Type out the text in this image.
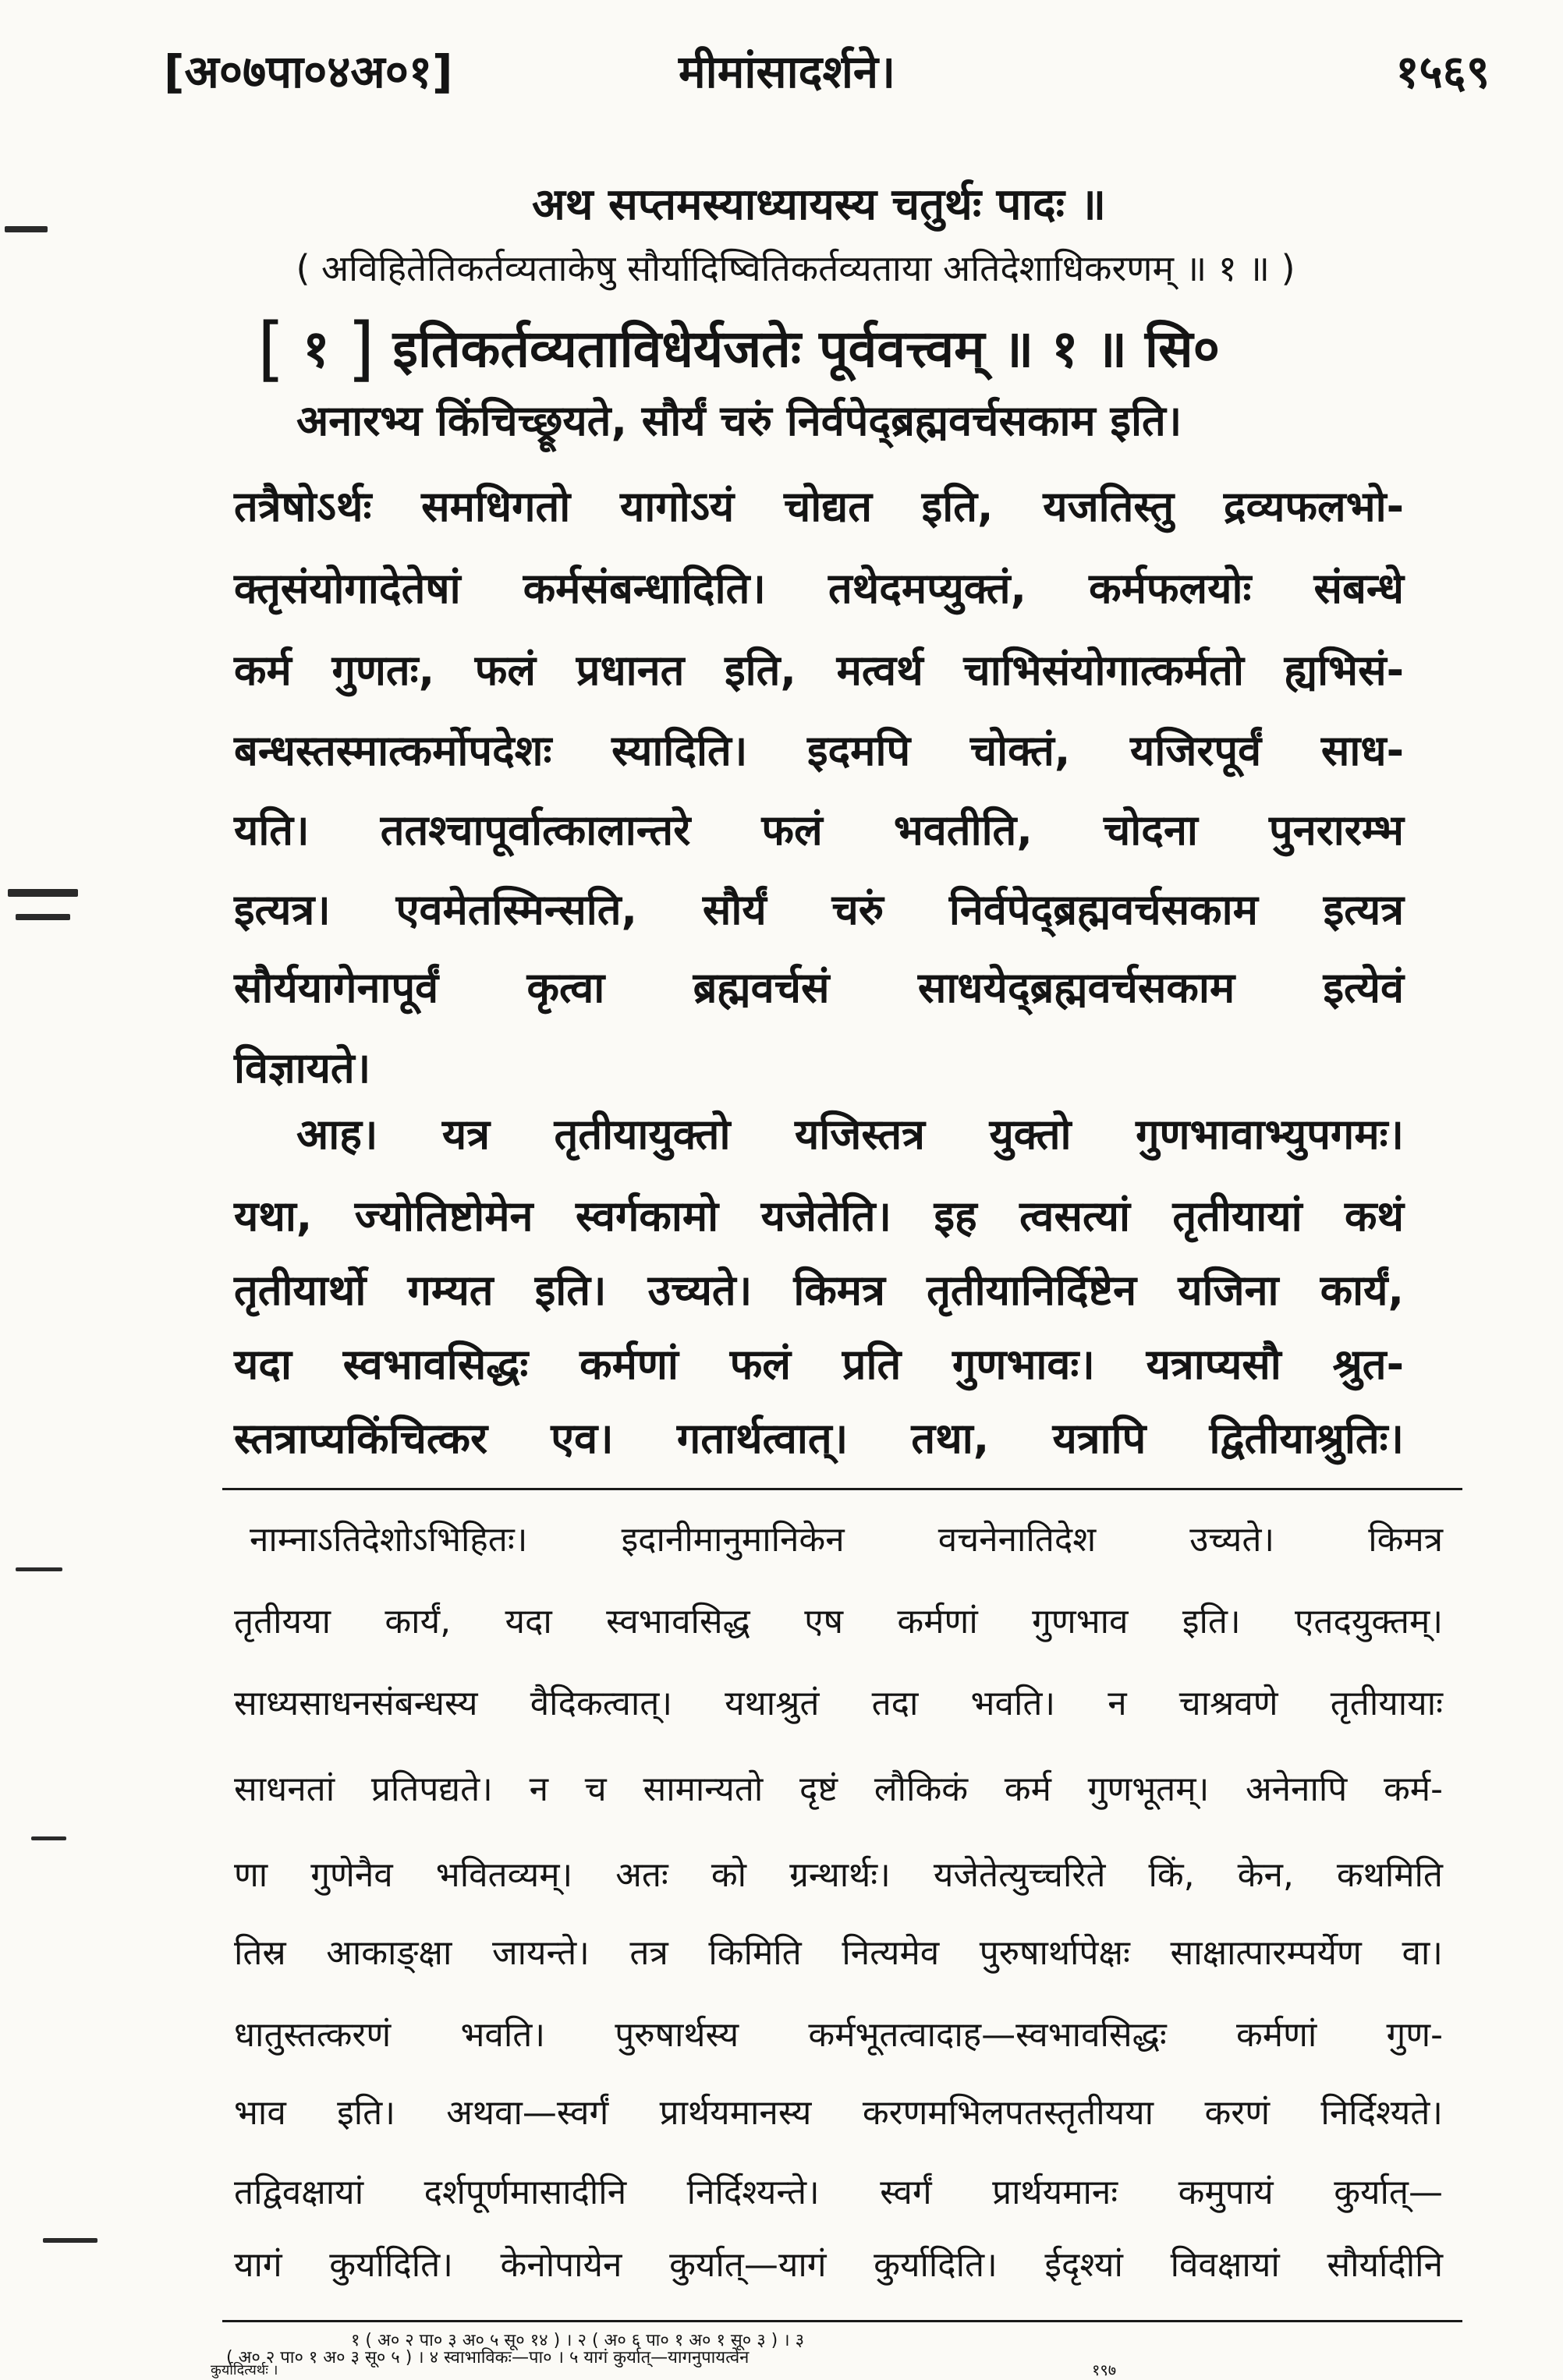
[अ०७पा०४अ०१]	मीमांसादर्शने।	१५६९
अथ सप्तमस्याध्यायस्य चतुर्थः पादः ॥
( अविहितेतिकर्तव्यताकेषु सौर्यादिष्वितिकर्तव्यताया अतिदेशाधिकरणम् ॥ १ ॥ )
[ १ ] इतिकर्तव्यताविधेर्यजतेः पूर्ववत्त्वम् ॥ १ ॥ सि०
अनारभ्य किंचिच्छ्रूयते, सौर्यं चरुं निर्वपेद्ब्रह्मवर्चसकाम इति।
तत्रैषोऽर्थः समधिगतो यागोऽयं चोद्यत इति, यजतिस्तु द्रव्यफलभो-
क्तृसंयोगादेतेषां कर्मसंबन्धादिति। तथेदमप्युक्तं, कर्मफलयोः संबन्धे
कर्म गुणतः, फलं प्रधानत इति, मत्वर्थ चाभिसंयोगात्कर्मतो ह्यभिसं-
बन्धस्तस्मात्कर्मोपदेशः स्यादिति। इदमपि चोक्तं, यजिरपूर्वं साध-
यति। ततश्चापूर्वात्कालान्तरे फलं भवतीति, चोदना पुनरारम्भ
इत्यत्र। एवमेतस्मिन्सति, सौर्यं चरुं निर्वपेद्ब्रह्मवर्चसकाम इत्यत्र
सौर्ययागेनापूर्वं कृत्वा ब्रह्मवर्चसं साधयेद्ब्रह्मवर्चसकाम इत्येवं
विज्ञायते।
आह। यत्र तृतीयायुक्तो यजिस्तत्र युक्तो गुणभावाभ्युपगमः।
यथा, ज्योतिष्टोमेन स्वर्गकामो यजेतेति। इह त्वसत्यां तृतीयायां कथं
तृतीयार्थो गम्यत इति। उच्यते। किमत्र तृतीयानिर्दिष्टेन यजिना कार्यं,
यदा स्वभावसिद्धः कर्मणां फलं प्रति गुणभावः। यत्राप्यसौ श्रुत-
स्तत्राप्यकिंचित्कर एव। गतार्थत्वात्। तथा, यत्रापि द्वितीयाश्रुतिः।
नाम्नाऽतिदेशोऽभिहितः। इदानीमानुमानिकेन वचनेनातिदेश उच्यते। किमत्र
तृतीयया कार्यं, यदा स्वभावसिद्ध एष कर्मणां गुणभाव इति। एतदयुक्तम्।
साध्यसाधनसंबन्धस्य वैदिकत्वात्। यथाश्रुतं तदा भवति। न चाश्रवणे तृतीयायाः
साधनतां प्रतिपद्यते। न च सामान्यतो दृष्टं लौकिकं कर्म गुणभूतम्। अनेनापि कर्म-
णा गुणेनैव भवितव्यम्। अतः को ग्रन्थार्थः। यजेतेत्युच्चरिते किं, केन, कथमिति
तिस्र आकाङ्क्षा जायन्ते। तत्र किमिति नित्यमेव पुरुषार्थापेक्षः साक्षात्पारम्पर्येण वा।
धातुस्तत्करणं भवति। पुरुषार्थस्य कर्मभूतत्वादाह—स्वभावसिद्धः कर्मणां गुण-
भाव इति। अथवा—स्वर्गं प्रार्थयमानस्य करणमभिलपतस्तृतीयया करणं निर्दिश्यते।
तद्विवक्षायां दर्शपूर्णमासादीनि निर्दिश्यन्ते। स्वर्गं प्रार्थयमानः कमुपायं कुर्यात्—
यागं कुर्यादिति। केनोपायेन कुर्यात्—यागं कुर्यादिति। ईदृश्यां विवक्षायां सौर्यादीनि
१ ( अ० २ पा० ३ अ० ५ सू० १४ ) । २ ( अ० ६ पा० १ अ० १ सू० ३ ) । ३
( अ० २ पा० १ अ० ३ सू० ५ ) । ४ स्वाभाविकः—पा० । ५ यागं कुर्यात्—यागनुपायत्वेन
कुर्यादित्यर्थः ।	१९७
